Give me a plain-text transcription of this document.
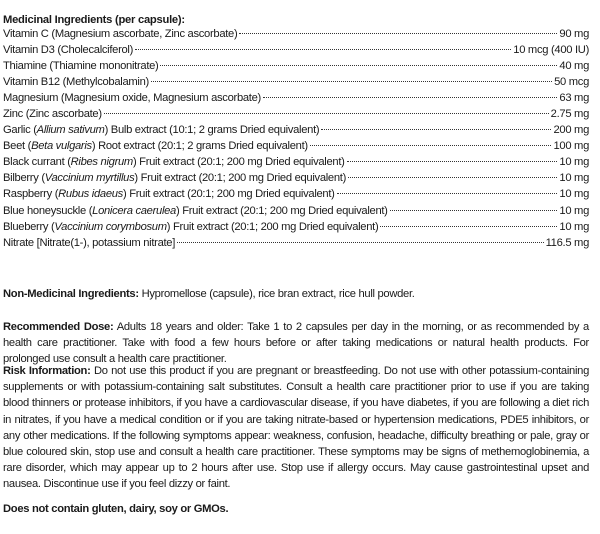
Medicinal Ingredients (per capsule):
Vitamin C (Magnesium ascorbate, Zinc ascorbate)	90 mg
Vitamin D3 (Cholecalciferol)	10 mcg (400 IU)
Thiamine (Thiamine mononitrate)	40 mg
Vitamin B12 (Methylcobalamin)	50 mcg
Magnesium (Magnesium oxide, Magnesium ascorbate)	63 mg
Zinc (Zinc ascorbate)	2.75 mg
Garlic (Allium sativum) Bulb extract (10:1; 2 grams Dried equivalent)	200 mg
Beet (Beta vulgaris) Root extract (20:1; 2 grams Dried equivalent)	100 mg
Black currant (Ribes nigrum) Fruit extract (20:1; 200 mg Dried equivalent)	10 mg
Bilberry (Vaccinium myrtillus) Fruit extract (20:1; 200 mg Dried equivalent)	10 mg
Raspberry (Rubus idaeus) Fruit extract (20:1; 200 mg Dried equivalent)	10 mg
Blue honeysuckle (Lonicera caerulea) Fruit extract (20:1; 200 mg Dried equivalent)	10 mg
Blueberry (Vaccinium corymbosum) Fruit extract (20:1; 200 mg Dried equivalent)	10 mg
Nitrate [Nitrate(1-), potassium nitrate]	116.5 mg

Non-Medicinal Ingredients: Hypromellose (capsule), rice bran extract, rice hull powder.

Recommended Dose: Adults 18 years and older: Take 1 to 2 capsules per day in the morning, or as recommended by a health care practitioner. Take with food a few hours before or after taking medications or natural health products. For prolonged use consult a health care practitioner.

Risk Information: Do not use this product if you are pregnant or breastfeeding. Do not use with other potassium-containing supplements or with potassium-containing salt substitutes. Consult a health care practitioner prior to use if you are taking blood thinners or protease inhibitors, if you have a cardiovascular disease, if you have diabetes, if you are following a diet rich in nitrates, if you have a medical condition or if you are taking nitrate-based or hypertension medications, PDE5 inhibitors, or any other medications. If the following symptoms appear: weakness, confusion, headache, difficulty breathing or pale, gray or blue coloured skin, stop use and consult a health care practitioner. These symptoms may be signs of methemoglobinemia, a rare disorder, which may appear up to 2 hours after use. Stop use if allergy occurs. May cause gastrointestinal upset and nausea. Discontinue use if you feel dizzy or faint.

Does not contain gluten, dairy, soy or GMOs.
